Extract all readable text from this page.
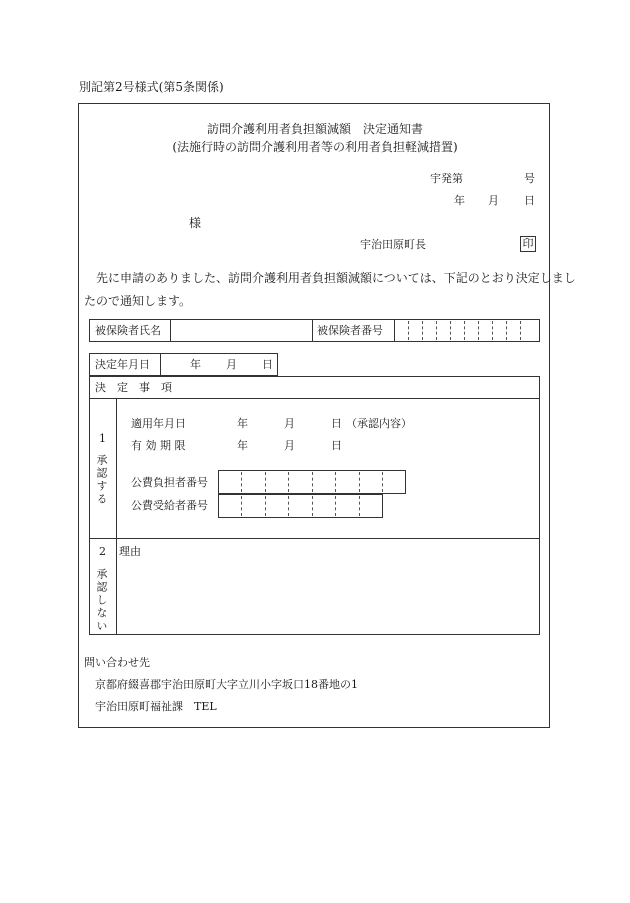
別記第2号様式(第5条関係)
訪問介護利用者負担額減額　決定通知書
(法施行時の訪問介護利用者等の利用者負担軽減措置)
宇発第	号
年 月 日
様
宇治田原町長	印
先に申請のありました、訪問介護利用者負担額減額については、下記のとおり決定しまし
たので通知します。
被保険者氏名	被保険者番号
決定年月日	年 月 日
決　定　事　項
1
承認する
適用年月日	年	月	日 （承認内容）
有 効 期 限	年	月	日
公費負担者番号
公費受給者番号
2
承認しない
理由
問い合わせ先
京都府綴喜郡宇治田原町大字立川小字坂口18番地の1
宇治田原町福祉課　TEL
